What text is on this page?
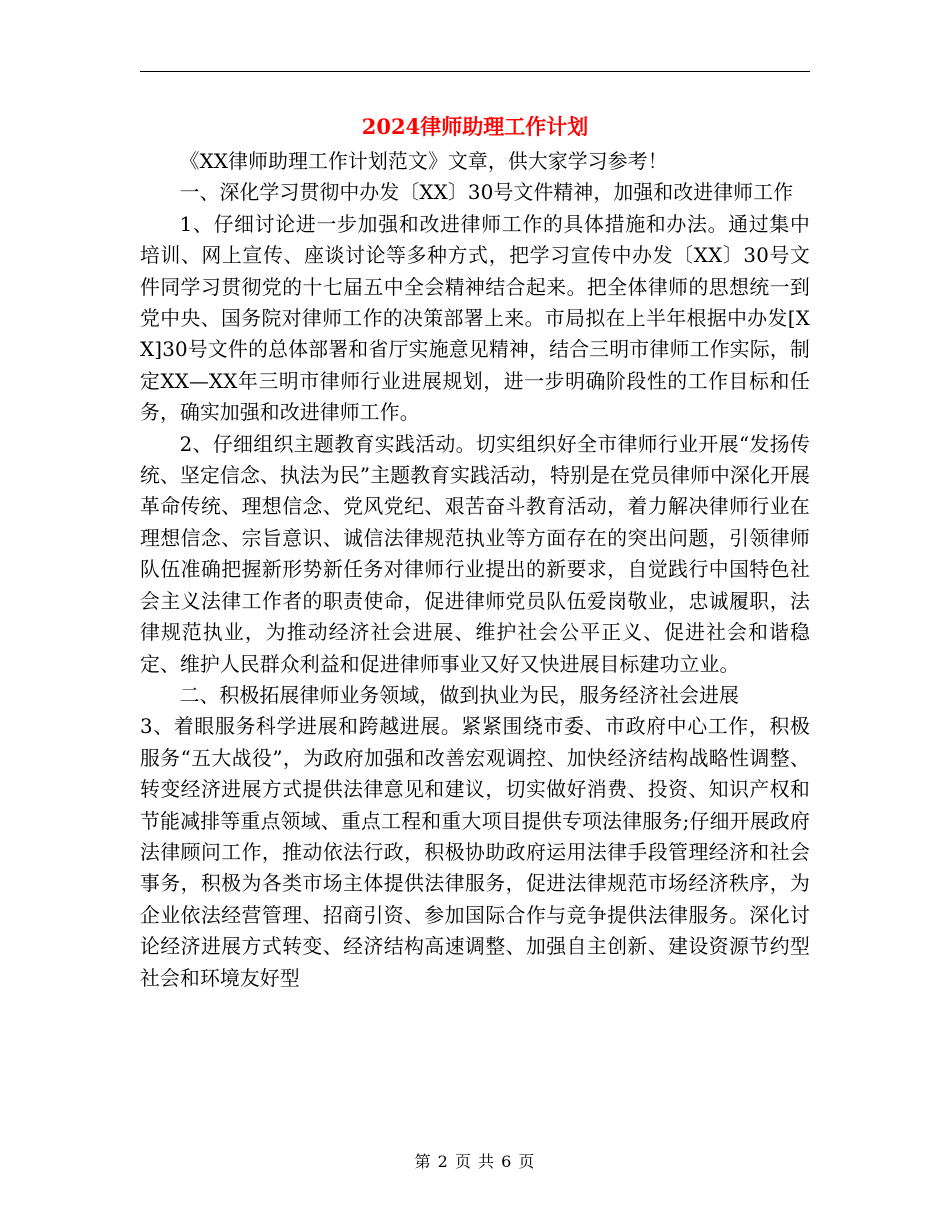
2024律师助理工作计划

《XX律师助理工作计划范文》文章，供大家学习参考！

一、深化学习贯彻中办发〔XX〕30号文件精神，加强和改进律师工作

1、仔细讨论进一步加强和改进律师工作的具体措施和办法。通过集中培训、网上宣传、座谈讨论等多种方式，把学习宣传中办发〔XX〕30号文件同学习贯彻党的十七届五中全会精神结合起来。把全体律师的思想统一到党中央、国务院对律师工作的决策部署上来。市局拟在上半年根据中办发[XX]30号文件的总体部署和省厅实施意见精神，结合三明市律师工作实际，制定XX—XX年三明市律师行业进展规划，进一步明确阶段性的工作目标和任务，确实加强和改进律师工作。

2、仔细组织主题教育实践活动。切实组织好全市律师行业开展“发扬传统、坚定信念、执法为民”主题教育实践活动，特别是在党员律师中深化开展革命传统、理想信念、党风党纪、艰苦奋斗教育活动，着力解决律师行业在理想信念、宗旨意识、诚信法律规范执业等方面存在的突出问题，引领律师队伍准确把握新形势新任务对律师行业提出的新要求，自觉践行中国特色社会主义法律工作者的职责使命，促进律师党员队伍爱岗敬业，忠诚履职，法律规范执业，为推动经济社会进展、维护社会公平正义、促进社会和谐稳定、维护人民群众利益和促进律师事业又好又快进展目标建功立业。

二、积极拓展律师业务领域，做到执业为民，服务经济社会进展

3、着眼服务科学进展和跨越进展。紧紧围绕市委、市政府中心工作，积极服务“五大战役”，为政府加强和改善宏观调控、加快经济结构战略性调整、转变经济进展方式提供法律意见和建议，切实做好消费、投资、知识产权和节能减排等重点领域、重点工程和重大项目提供专项法律服务;仔细开展政府法律顾问工作，推动依法行政，积极协助政府运用法律手段管理经济和社会事务，积极为各类市场主体提供法律服务，促进法律规范市场经济秩序，为企业依法经营管理、招商引资、参加国际合作与竞争提供法律服务。深化讨论经济进展方式转变、经济结构高速调整、加强自主创新、建设资源节约型社会和环境友好型

第 2 页 共 6 页
